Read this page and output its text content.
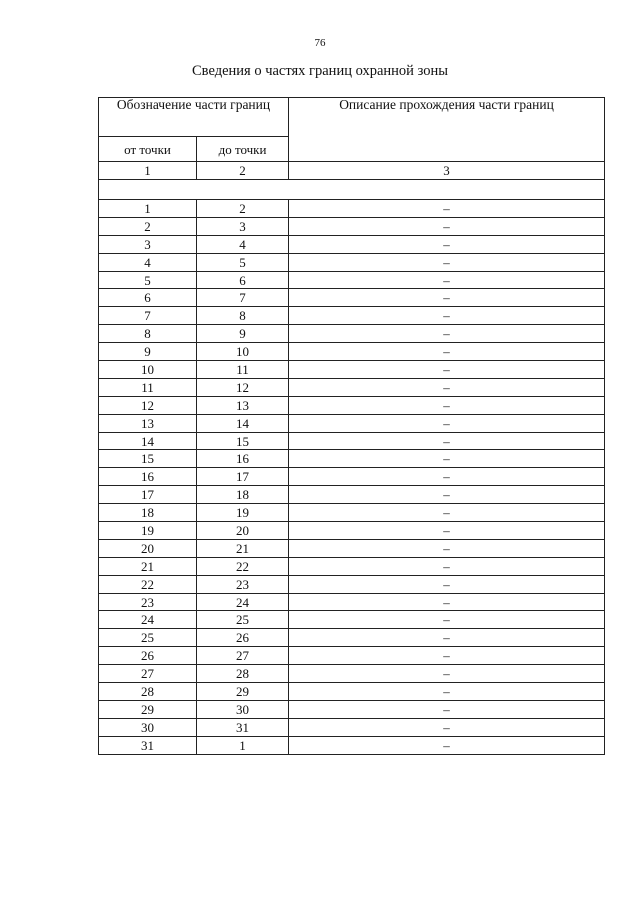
76
Сведения о частях границ охранной зоны
Обозначение части границ		Описание прохождения части границ
от точки	до точки	
1	2	3

1	2	–
2	3	–
3	4	–
4	5	–
5	6	–
6	7	–
7	8	–
8	9	–
9	10	–
10	11	–
11	12	–
12	13	–
13	14	–
14	15	–
15	16	–
16	17	–
17	18	–
18	19	–
19	20	–
20	21	–
21	22	–
22	23	–
23	24	–
24	25	–
25	26	–
26	27	–
27	28	–
28	29	–
29	30	–
30	31	–
31	1	–
